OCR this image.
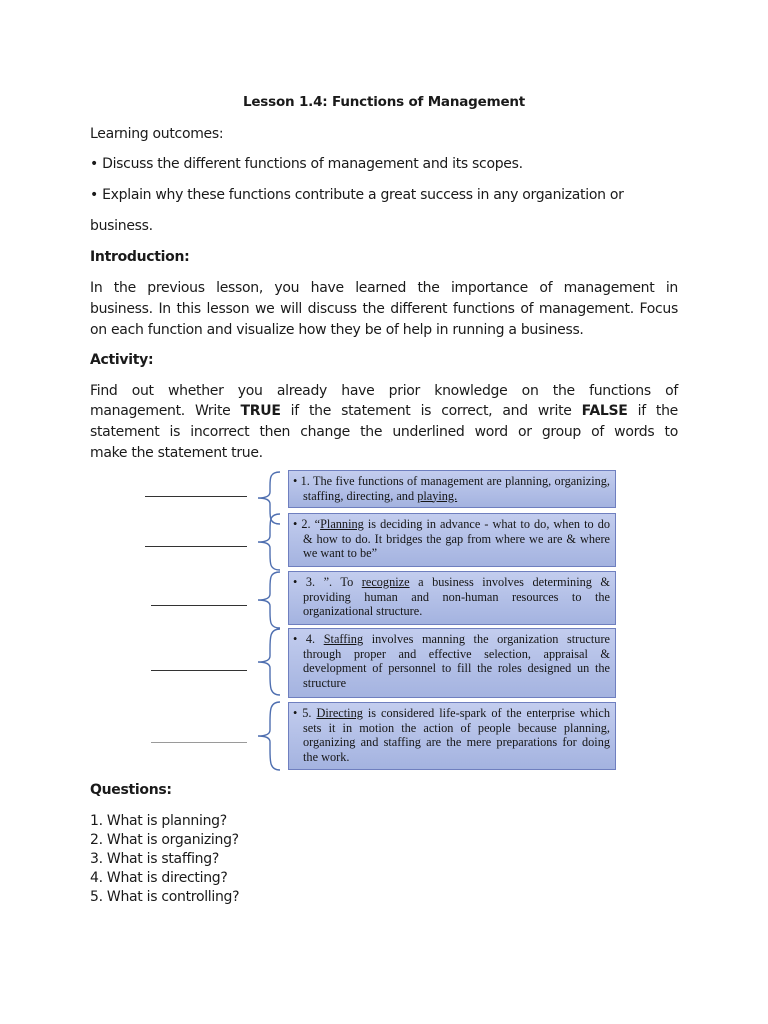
Lesson 1.4: Functions of Management
Learning outcomes:
• Discuss the different functions of management and its scopes.
• Explain why these functions contribute a great success in any organization or
business.
Introduction:
In the previous lesson, you have learned the importance of management in
business. In this lesson we will discuss the different functions of management. Focus
on each function and visualize how they be of help in running a business.
Activity:
Find out whether you already have prior knowledge on the functions of
management. Write TRUE if the statement is correct, and write FALSE if the
statement is incorrect then change the underlined word or group of words to
make the statement true.
• 1. The five functions of management are planning, organizing, staffing, directing, and playing.
• 2. “Planning is deciding in advance - what to do, when to do & how to do. It bridges the gap from where we are & where we want to be”
• 3. ”. To recognize a business involves determining & providing human and non-human resources to the organizational structure.
• 4. Staffing involves manning the organization structure through proper and effective selection, appraisal & development of personnel to fill the roles designed un the structure
• 5. Directing is considered life-spark of the enterprise which sets it in motion the action of people because planning, organizing and staffing are the mere preparations for doing the work.
Questions:
1. What is planning?
2. What is organizing?
3. What is staffing?
4. What is directing?
5. What is controlling?
